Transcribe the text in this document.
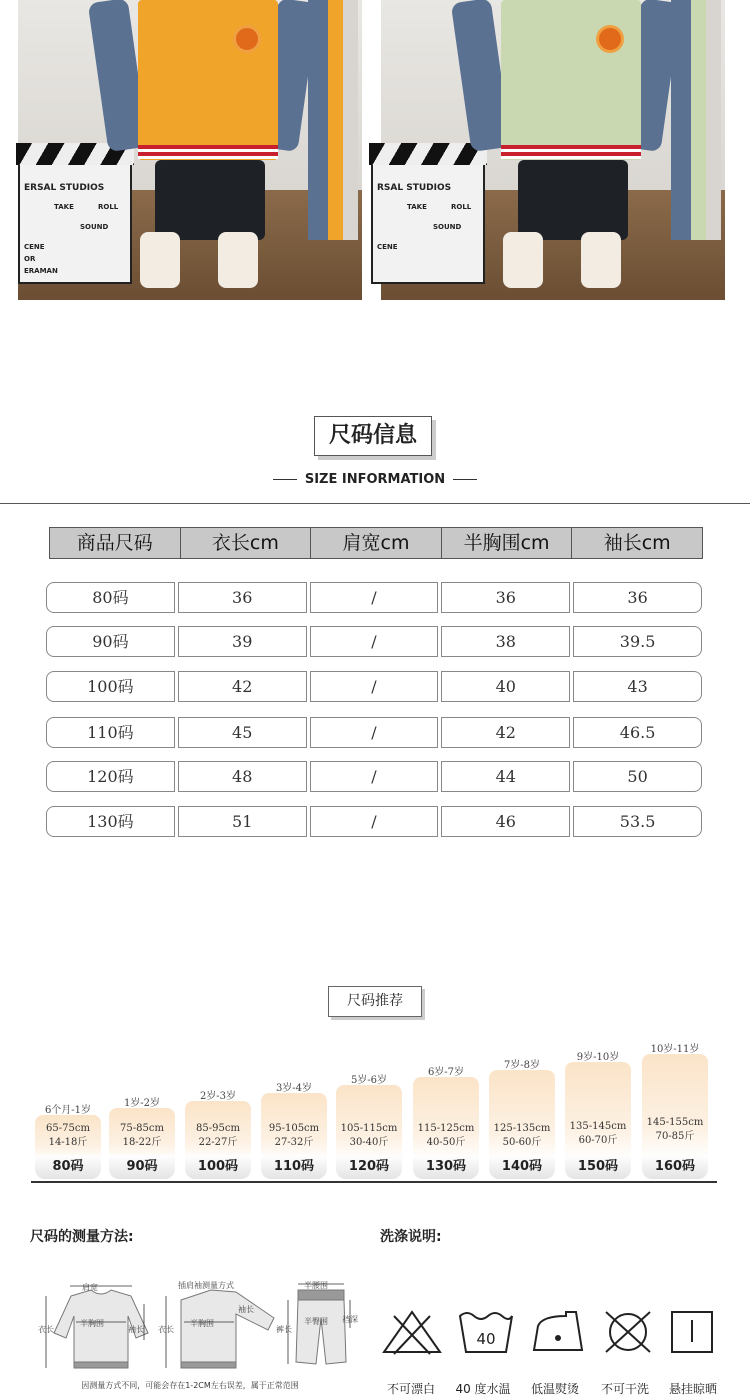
ERSAL STUDIOS
TAKE	ROLL
SOUND
CENE
OR
ERAMAN
RSAL STUDIOS
TAKE	ROLL
SOUND
CENE
尺码信息
SIZE INFORMATION
商品尺码	衣长cm	肩宽cm	半胸围cm	袖长cm
80码	36	/	36	36
90码	39	/	38	39.5
100码	42	/	40	43
110码	45	/	42	46.5
120码	48	/	44	50
130码	51	/	46	53.5
尺码推荐
6个月-1岁
65-75cm
14-18斤
80码
1岁-2岁
75-85cm
18-22斤
90码
2岁-3岁
85-95cm
22-27斤
100码
3岁-4岁
95-105cm
27-32斤
110码
5岁-6岁
105-115cm
30-40斤
120码
6岁-7岁
115-125cm
40-50斤
130码
7岁-8岁
125-135cm
50-60斤
140码
9岁-10岁
135-145cm
60-70斤
150码
10岁-11岁
145-155cm
70-85斤
160码
尺码的测量方法:
肩宽
半胸围
衣长	袖长
插肩袖测量方式
半胸围
衣长
袖长
半腰围
裆深
裤长
半臀围
因测量方式不同，可能会存在1-2CM左右误差，属于正常范围
洗涤说明:
40
不可漂白	40 度水温	低温熨烫	不可干洗	悬挂晾晒
